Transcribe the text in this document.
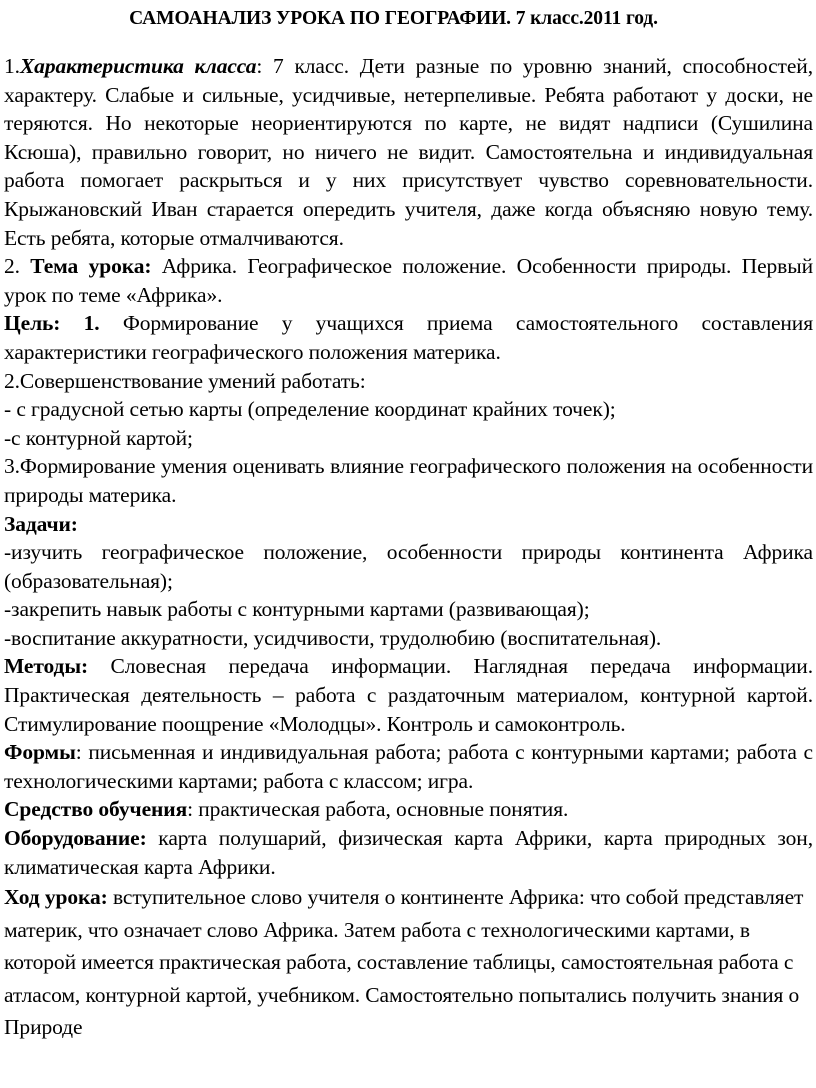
САМОАНАЛИЗ УРОКА ПО ГЕОГРАФИИ. 7 класс.2011 год.

1.Характеристика класса: 7 класс. Дети разные по уровню знаний, способностей, характеру. Слабые и сильные, усидчивые, нетерпеливые. Ребята работают у доски, не теряются. Но некоторые неориентируются по карте, не видят надписи (Сушилина Ксюша), правильно говорит, но ничего не видит. Самостоятельна и индивидуальная работа помогает раскрыться и у них присутствует чувство соревновательности. Крыжановский Иван старается опередить учителя, даже когда объясняю новую тему. Есть ребята, которые отмалчиваются.

2. Тема урока: Африка. Географическое положение. Особенности природы. Первый урок по теме «Африка».

Цель: 1. Формирование у учащихся приема самостоятельного составления характеристики географического положения материка.

2.Совершенствование умений работать:

- с градусной сетью карты (определение координат крайних точек);

-с контурной картой;

3.Формирование умения оценивать влияние географического положения на особенности природы материка.

Задачи:

-изучить географическое положение, особенности природы континента Африка (образовательная);

-закрепить навык работы с контурными картами (развивающая);

-воспитание аккуратности, усидчивости, трудолюбию (воспитательная).

Методы: Словесная передача информации. Наглядная передача информации. Практическая деятельность – работа с раздаточным материалом, контурной картой. Стимулирование поощрение «Молодцы». Контроль и самоконтроль.

Формы: письменная и индивидуальная работа; работа с контурными картами; работа с технологическими картами; работа с классом; игра.

Средство обучения: практическая работа, основные понятия.

Оборудование: карта полушарий, физическая карта Африки, карта природных зон, климатическая карта Африки.

Ход урока: вступительное слово учителя о континенте Африка: что собой представляет материк, что означает слово Африка. Затем работа с технологическими картами, в которой имеется практическая работа, составление таблицы, самостоятельная работа с атласом, контурной картой, учебником. Самостоятельно попытались получить знания о Природе
